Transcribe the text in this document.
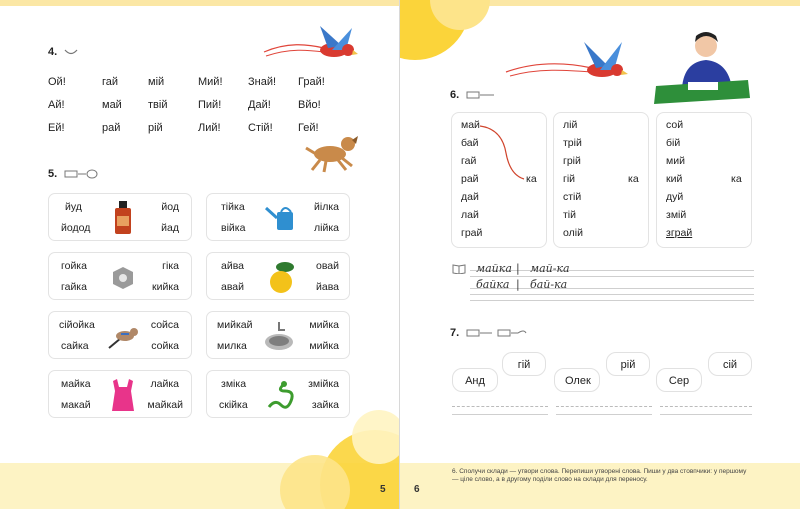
4.
Ой!	гай	мій	Мий! Знай! Грай!
Ай!	май твій	Пий! Дай! Вйо!
Ей!	рай	рій	Лий! Стій! Гей!
5.
йуд	йод
йодод	йад
тійка	йілка
війка	лійка
гойка	гіка
гайка	кийка
айва	овай
авай	йава
сійойка	сойса
сайка	сойка
мийкай	мийка
милка	мийка
майка	лайка
макай	майкай
зміка	змійка
скійка	зайка
5
6.
май
бай
гай
рай
дай
лай
грай
ка
лій
трій
грій
гій
стій
тій
олій
ка
сой
бій
мий
кий
дуй
змій
зграй
ка
майка | май-ка
байка | бай-ка
7.
Анд
гій
Олек
рій
Сер
сій
6
6. Сполучи склади — утвори слова. Перепиши утворені слова. Пиши у два стовпчики: у першому — ціле слово, а в другому поділи слово на склади для переносу.
